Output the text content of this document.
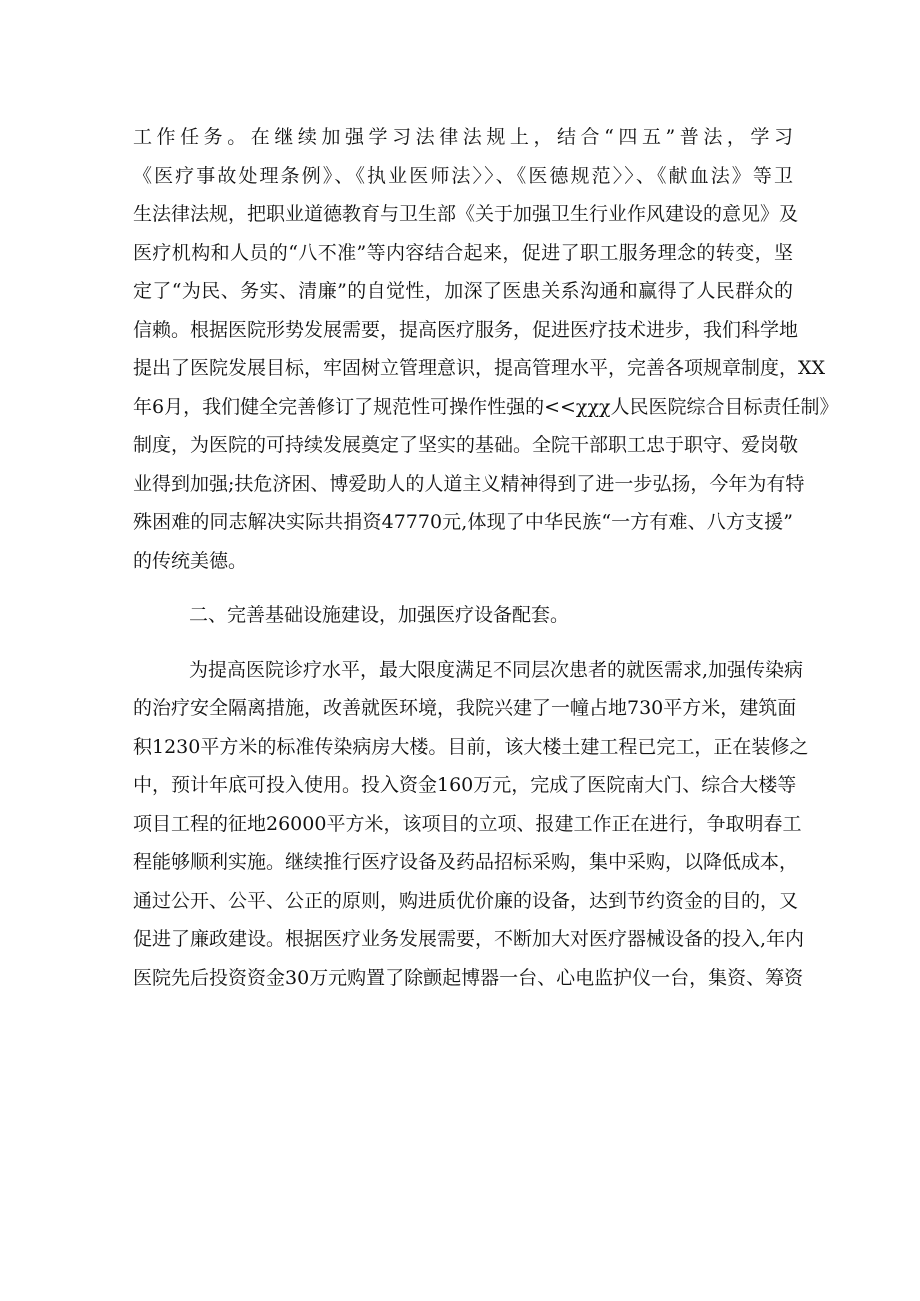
工作任务。在继续加强学习法律法规上，结合“四五”普法，学习
《医疗事故处理条例》、《执业医师法〉〉、《医德规范〉〉、《献血法》等卫
生法律法规，把职业道德教育与卫生部《关于加强卫生行业作风建设的意见》及
医疗机构和人员的“八不准”等内容结合起来，促进了职工服务理念的转变，坚
定了“为民、务实、清廉”的自觉性，加深了医患关系沟通和赢得了人民群众的
信赖。根据医院形势发展需要，提高医疗服务，促进医疗技术进步，我们科学地
提出了医院发展目标，牢固树立管理意识，提高管理水平，完善各项规章制度，XX
年6月，我们健全完善修订了规范性可操作性强的<<χχχ人民医院综合目标责任制》
制度，为医院的可持续发展奠定了坚实的基础。全院干部职工忠于职守、爱岗敬
业得到加强;扶危济困、博爱助人的人道主义精神得到了进一步弘扬，今年为有特
殊困难的同志解决实际共捐资47770元,体现了中华民族“一方有难、八方支援”
的传统美德。
二、完善基础设施建设，加强医疗设备配套。
为提高医院诊疗水平，最大限度满足不同层次患者的就医需求,加强传染病
的治疗安全隔离措施，改善就医环境，我院兴建了一幢占地730平方米，建筑面
积1230平方米的标准传染病房大楼。目前，该大楼土建工程已完工，正在装修之
中，预计年底可投入使用。投入资金160万元，完成了医院南大门、综合大楼等
项目工程的征地26000平方米，该项目的立项、报建工作正在进行，争取明春工
程能够顺利实施。继续推行医疗设备及药品招标采购，集中采购，以降低成本，
通过公开、公平、公正的原则，购进质优价廉的设备，达到节约资金的目的，又
促进了廉政建设。根据医疗业务发展需要，不断加大对医疗器械设备的投入,年内
医院先后投资资金30万元购置了除颤起博器一台、心电监护仪一台，集资、筹资
